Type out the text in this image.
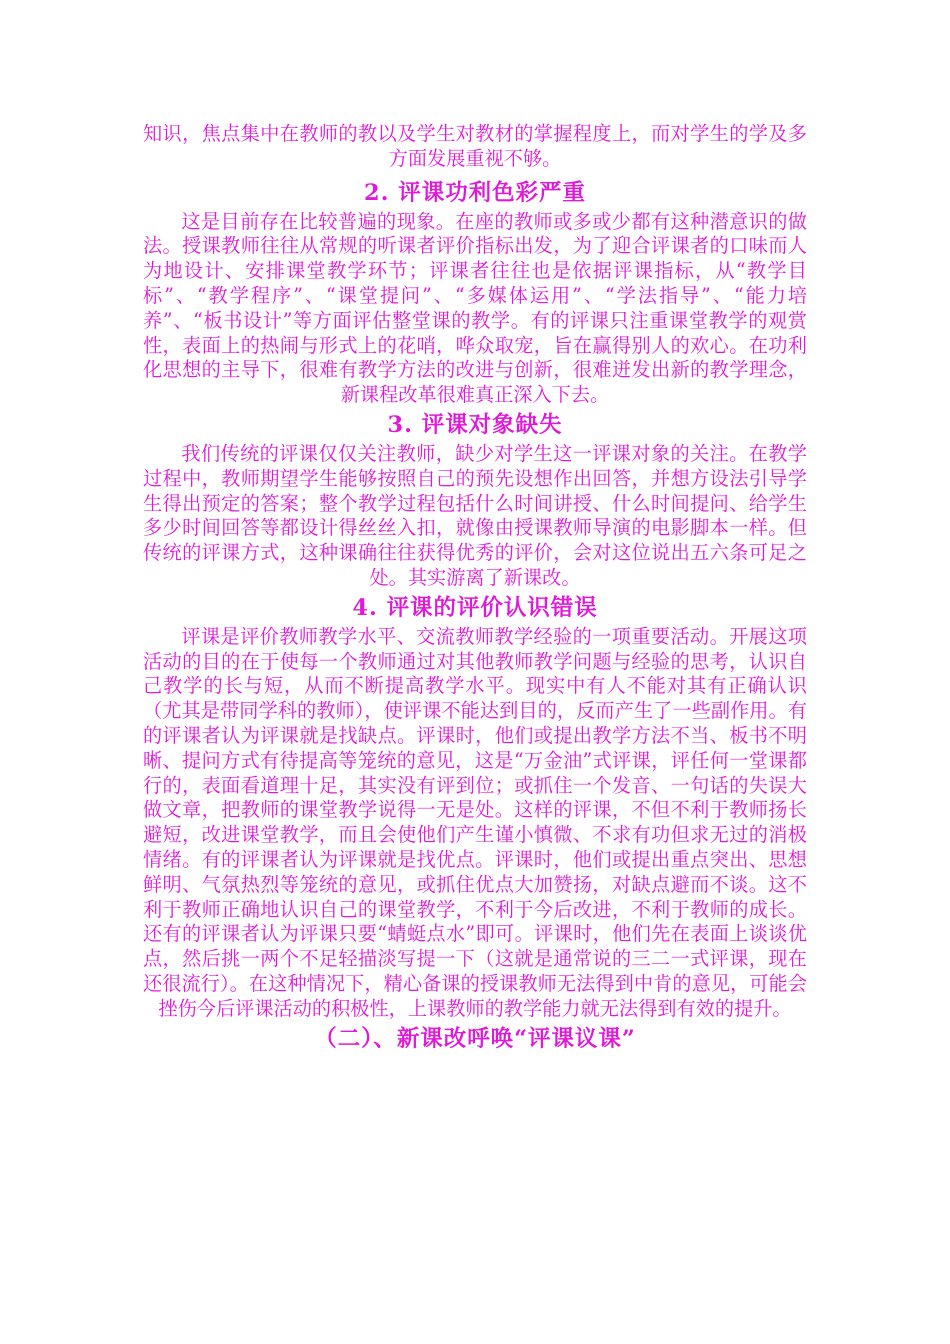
知识，焦点集中在教师的教以及学生对教材的掌握程度上，而对学生的学及多方面发展重视不够。

2. 评课功利色彩严重

这是目前存在比较普遍的现象。在座的教师或多或少都有这种潜意识的做法。授课教师往往从常规的听课者评价指标出发，为了迎合评课者的口味而人为地设计、安排课堂教学环节；评课者往往也是依据评课指标，从“教学目标”、“教学程序”、“课堂提问”、“多媒体运用”、“学法指导”、“能力培养”、“板书设计”等方面评估整堂课的教学。有的评课只注重课堂教学的观赏性，表面上的热闹与形式上的花哨，哗众取宠，旨在赢得别人的欢心。在功利化思想的主导下，很难有教学方法的改进与创新，很难迸发出新的教学理念，新课程改革很难真正深入下去。

3. 评课对象缺失

我们传统的评课仅仅关注教师，缺少对学生这一评课对象的关注。在教学过程中，教师期望学生能够按照自己的预先设想作出回答，并想方设法引导学生得出预定的答案；整个教学过程包括什么时间讲授、什么时间提问、给学生多少时间回答等都设计得丝丝入扣，就像由授课教师导演的电影脚本一样。但传统的评课方式，这种课确往往获得优秀的评价，会对这位说出五六条可足之处。其实游离了新课改。

4. 评课的评价认识错误

评课是评价教师教学水平、交流教师教学经验的一项重要活动。开展这项活动的目的在于使每一个教师通过对其他教师教学问题与经验的思考，认识自己教学的长与短，从而不断提高教学水平。现实中有人不能对其有正确认识（尤其是带同学科的教师），使评课不能达到目的，反而产生了一些副作用。有的评课者认为评课就是找缺点。评课时，他们或提出教学方法不当、板书不明晰、提问方式有待提高等笼统的意见，这是“万金油”式评课，评任何一堂课都行的，表面看道理十足，其实没有评到位；或抓住一个发音、一句话的失误大做文章，把教师的课堂教学说得一无是处。这样的评课，不但不利于教师扬长避短，改进课堂教学，而且会使他们产生谨小慎微、不求有功但求无过的消极情绪。有的评课者认为评课就是找优点。评课时，他们或提出重点突出、思想鲜明、气氛热烈等笼统的意见，或抓住优点大加赞扬，对缺点避而不谈。这不利于教师正确地认识自己的课堂教学，不利于今后改进，不利于教师的成长。还有的评课者认为评课只要“蜻蜓点水”即可。评课时，他们先在表面上谈谈优点，然后挑一两个不足轻描淡写提一下（这就是通常说的三二一式评课，现在还很流行）。在这种情况下，精心备课的授课教师无法得到中肯的意见，可能会挫伤今后评课活动的积极性，上课教师的教学能力就无法得到有效的提升。

（二）、新课改呼唤“评课议课”
